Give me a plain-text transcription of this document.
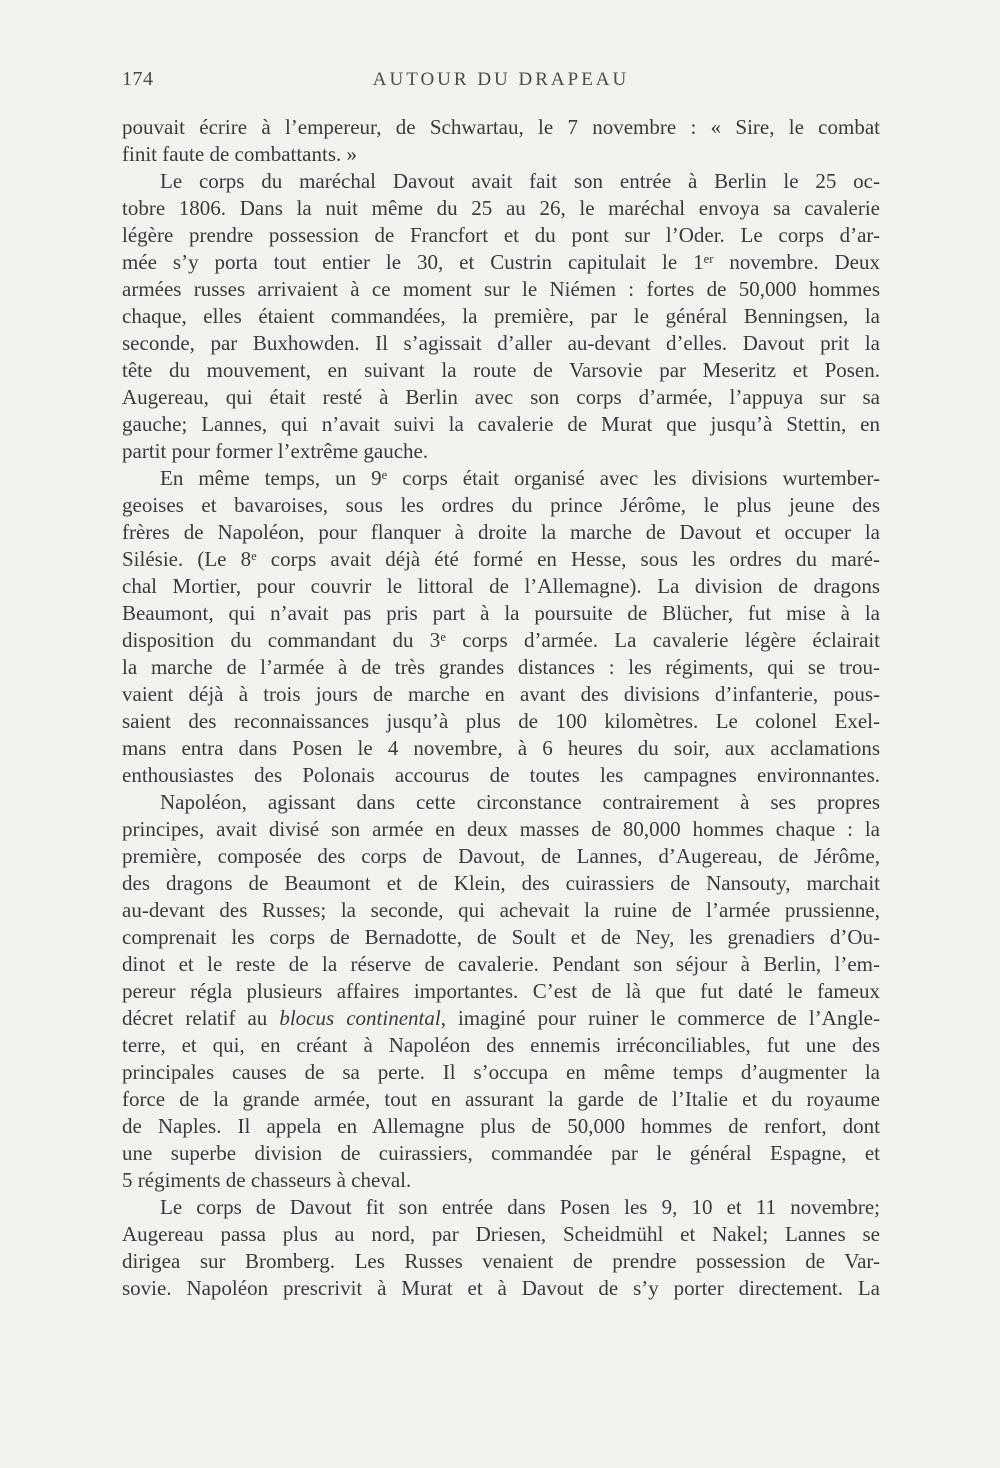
174	AUTOUR DU DRAPEAU
pouvait écrire à l’empereur, de Schwartau, le 7 novembre : « Sire, le combat
finit faute de combattants. »
Le corps du maréchal Davout avait fait son entrée à Berlin le 25 oc-
tobre 1806. Dans la nuit même du 25 au 26, le maréchal envoya sa cavalerie
légère prendre possession de Francfort et du pont sur l’Oder. Le corps d’ar-
mée s’y porta tout entier le 30, et Custrin capitulait le 1er novembre. Deux
armées russes arrivaient à ce moment sur le Niémen : fortes de 50,000 hommes
chaque, elles étaient commandées, la première, par le général Benningsen, la
seconde, par Buxhowden. Il s’agissait d’aller au-devant d’elles. Davout prit la
tête du mouvement, en suivant la route de Varsovie par Meseritz et Posen.
Augereau, qui était resté à Berlin avec son corps d’armée, l’appuya sur sa
gauche; Lannes, qui n’avait suivi la cavalerie de Murat que jusqu’à Stettin, en
partit pour former l’extrême gauche.
En même temps, un 9e corps était organisé avec les divisions wurtember-
geoises et bavaroises, sous les ordres du prince Jérôme, le plus jeune des
frères de Napoléon, pour flanquer à droite la marche de Davout et occuper la
Silésie. (Le 8e corps avait déjà été formé en Hesse, sous les ordres du maré-
chal Mortier, pour couvrir le littoral de l’Allemagne). La division de dragons
Beaumont, qui n’avait pas pris part à la poursuite de Blücher, fut mise à la
disposition du commandant du 3e corps d’armée. La cavalerie légère éclairait
la marche de l’armée à de très grandes distances : les régiments, qui se trou-
vaient déjà à trois jours de marche en avant des divisions d’infanterie, pous-
saient des reconnaissances jusqu’à plus de 100 kilomètres. Le colonel Exel-
mans entra dans Posen le 4 novembre, à 6 heures du soir, aux acclamations
enthousiastes des Polonais accourus de toutes les campagnes environnantes.
Napoléon, agissant dans cette circonstance contrairement à ses propres
principes, avait divisé son armée en deux masses de 80,000 hommes chaque : la
première, composée des corps de Davout, de Lannes, d’Augereau, de Jérôme,
des dragons de Beaumont et de Klein, des cuirassiers de Nansouty, marchait
au-devant des Russes; la seconde, qui achevait la ruine de l’armée prussienne,
comprenait les corps de Bernadotte, de Soult et de Ney, les grenadiers d’Ou-
dinot et le reste de la réserve de cavalerie. Pendant son séjour à Berlin, l’em-
pereur régla plusieurs affaires importantes. C’est de là que fut daté le fameux
décret relatif au blocus continental, imaginé pour ruiner le commerce de l’Angle-
terre, et qui, en créant à Napoléon des ennemis irréconciliables, fut une des
principales causes de sa perte. Il s’occupa en même temps d’augmenter la
force de la grande armée, tout en assurant la garde de l’Italie et du royaume
de Naples. Il appela en Allemagne plus de 50,000 hommes de renfort, dont
une superbe division de cuirassiers, commandée par le général Espagne, et
5 régiments de chasseurs à cheval.
Le corps de Davout fit son entrée dans Posen les 9, 10 et 11 novembre;
Augereau passa plus au nord, par Driesen, Scheidmühl et Nakel; Lannes se
dirigea sur Bromberg. Les Russes venaient de prendre possession de Var-
sovie. Napoléon prescrivit à Murat et à Davout de s’y porter directement. La
